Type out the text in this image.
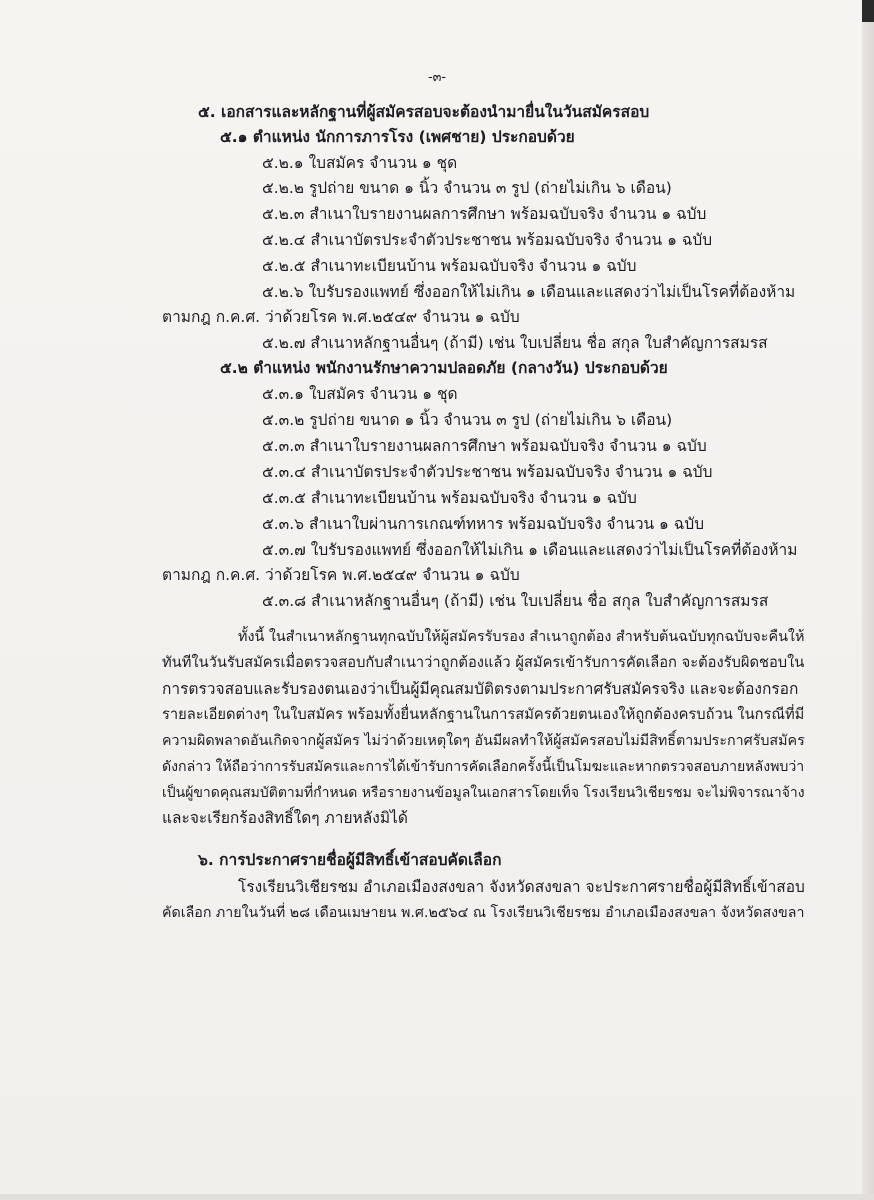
-๓-
๕. เอกสารและหลักฐานที่ผู้สมัครสอบจะต้องนำมายื่นในวันสมัครสอบ
๕.๑ ตำแหน่ง นักการภารโรง (เพศชาย) ประกอบด้วย
๕.๒.๑ ใบสมัคร จำนวน ๑ ชุด
๕.๒.๒ รูปถ่าย ขนาด ๑ นิ้ว จำนวน ๓ รูป (ถ่ายไม่เกิน ๖ เดือน)
๕.๒.๓ สำเนาใบรายงานผลการศึกษา พร้อมฉบับจริง จำนวน ๑ ฉบับ
๕.๒.๔ สำเนาบัตรประจำตัวประชาชน พร้อมฉบับจริง จำนวน ๑ ฉบับ
๕.๒.๕ สำเนาทะเบียนบ้าน พร้อมฉบับจริง จำนวน ๑ ฉบับ
๕.๒.๖ ใบรับรองแพทย์ ซึ่งออกให้ไม่เกิน ๑ เดือนและแสดงว่าไม่เป็นโรคที่ต้องห้าม
ตามกฎ ก.ค.ศ. ว่าด้วยโรค พ.ศ.๒๕๔๙ จำนวน ๑ ฉบับ
๕.๒.๗ สำเนาหลักฐานอื่นๆ (ถ้ามี) เช่น ใบเปลี่ยน ชื่อ สกุล ใบสำคัญการสมรส
๕.๒ ตำแหน่ง พนักงานรักษาความปลอดภัย (กลางวัน) ประกอบด้วย
๕.๓.๑ ใบสมัคร จำนวน ๑ ชุด
๕.๓.๒ รูปถ่าย ขนาด ๑ นิ้ว จำนวน ๓ รูป (ถ่ายไม่เกิน ๖ เดือน)
๕.๓.๓ สำเนาใบรายงานผลการศึกษา พร้อมฉบับจริง จำนวน ๑ ฉบับ
๕.๓.๔ สำเนาบัตรประจำตัวประชาชน พร้อมฉบับจริง จำนวน ๑ ฉบับ
๕.๓.๕ สำเนาทะเบียนบ้าน พร้อมฉบับจริง จำนวน ๑ ฉบับ
๕.๓.๖ สำเนาใบผ่านการเกณฑ์ทหาร พร้อมฉบับจริง จำนวน ๑ ฉบับ
๕.๓.๗ ใบรับรองแพทย์ ซึ่งออกให้ไม่เกิน ๑ เดือนและแสดงว่าไม่เป็นโรคที่ต้องห้าม
ตามกฎ ก.ค.ศ. ว่าด้วยโรค พ.ศ.๒๕๔๙ จำนวน ๑ ฉบับ
๕.๓.๘ สำเนาหลักฐานอื่นๆ (ถ้ามี) เช่น ใบเปลี่ยน ชื่อ สกุล ใบสำคัญการสมรส
ทั้งนี้ ในสำเนาหลักฐานทุกฉบับให้ผู้สมัครรับรอง สำเนาถูกต้อง สำหรับต้นฉบับทุกฉบับจะคืนให้
ทันทีในวันรับสมัครเมื่อตรวจสอบกับสำเนาว่าถูกต้องแล้ว ผู้สมัครเข้ารับการคัดเลือก จะต้องรับผิดชอบใน
การตรวจสอบและรับรองตนเองว่าเป็นผู้มีคุณสมบัติตรงตามประกาศรับสมัครจริง และจะต้องกรอก
รายละเอียดต่างๆ ในใบสมัคร พร้อมทั้งยื่นหลักฐานในการสมัครด้วยตนเองให้ถูกต้องครบถ้วน ในกรณีที่มี
ความผิดพลาดอันเกิดจากผู้สมัคร ไม่ว่าด้วยเหตุใดๆ อันมีผลทำให้ผู้สมัครสอบไม่มีสิทธิ์ตามประกาศรับสมัคร
ดังกล่าว ให้ถือว่าการรับสมัครและการได้เข้ารับการคัดเลือกครั้งนี้เป็นโมฆะและหากตรวจสอบภายหลังพบว่า
เป็นผู้ขาดคุณสมบัติตามที่กำหนด หรือรายงานข้อมูลในเอกสารโดยเท็จ โรงเรียนวิเชียรชม จะไม่พิจารณาจ้าง
และจะเรียกร้องสิทธิ์ใดๆ ภายหลังมิได้
๖. การประกาศรายชื่อผู้มีสิทธิ์เข้าสอบคัดเลือก
โรงเรียนวิเชียรชม อำเภอเมืองสงขลา จังหวัดสงขลา จะประกาศรายชื่อผู้มีสิทธิ์เข้าสอบ
คัดเลือก ภายในวันที่ ๒๘ เดือนเมษายน พ.ศ.๒๕๖๔ ณ โรงเรียนวิเชียรชม อำเภอเมืองสงขลา จังหวัดสงขลา
